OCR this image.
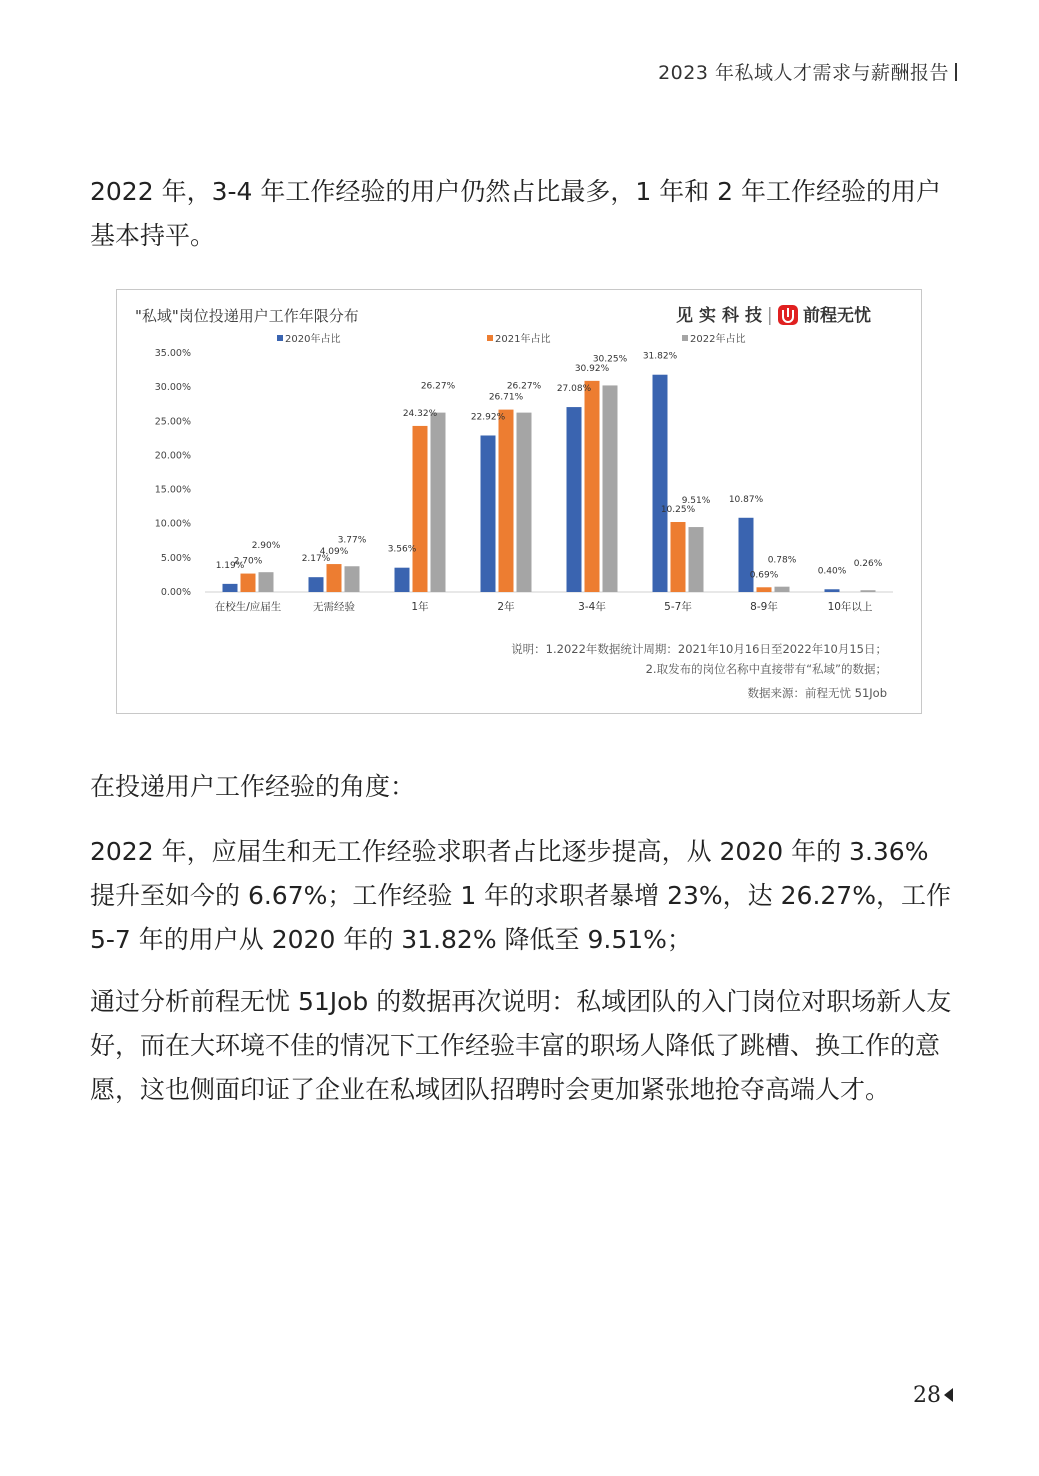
2023 年私域人才需求与薪酬报告

2022 年，3-4 年工作经验的用户仍然占比最多，1 年和 2 年工作经验的用户基本持平。

"私域"岗位投递用户工作年限分布	见实科技 前程无忧
2020年占比	2021年占比	2022年占比
0.00%
5.00%
10.00%
15.00%
20.00%
25.00%
30.00%
35.00%
1.19%
2.70%
2.90%
2.17%
4.09%
3.77%
3.56%
24.32%
26.27%
22.92%
26.71%
26.27% 27.08%
30.92%
30.25% 31.82%
10.25%
9.51% 10.87%
0.69%
0.78%
0.40%
0.26%
在校生/应届生	无需经验	1年	2年	3-4年	5-7年	8-9年	10年以上
说明：1.2022年数据统计周期：2021年10月16日至2022年10月15日；
2.取发布的岗位名称中直接带有“私域”的数据；
数据来源：前程无忧 51Job

在投递用户工作经验的角度：

2022 年，应届生和无工作经验求职者占比逐步提高，从 2020 年的 3.36% 提升至如今的 6.67%；工作经验 1 年的求职者暴增 23%，达 26.27%，工作 5-7 年的用户从 2020 年的 31.82% 降低至 9.51%；

通过分析前程无忧 51Job 的数据再次说明：私域团队的入门岗位对职场新人友好，而在大环境不佳的情况下工作经验丰富的职场人降低了跳槽、换工作的意愿，这也侧面印证了企业在私域团队招聘时会更加紧张地抢夺高端人才。

28
